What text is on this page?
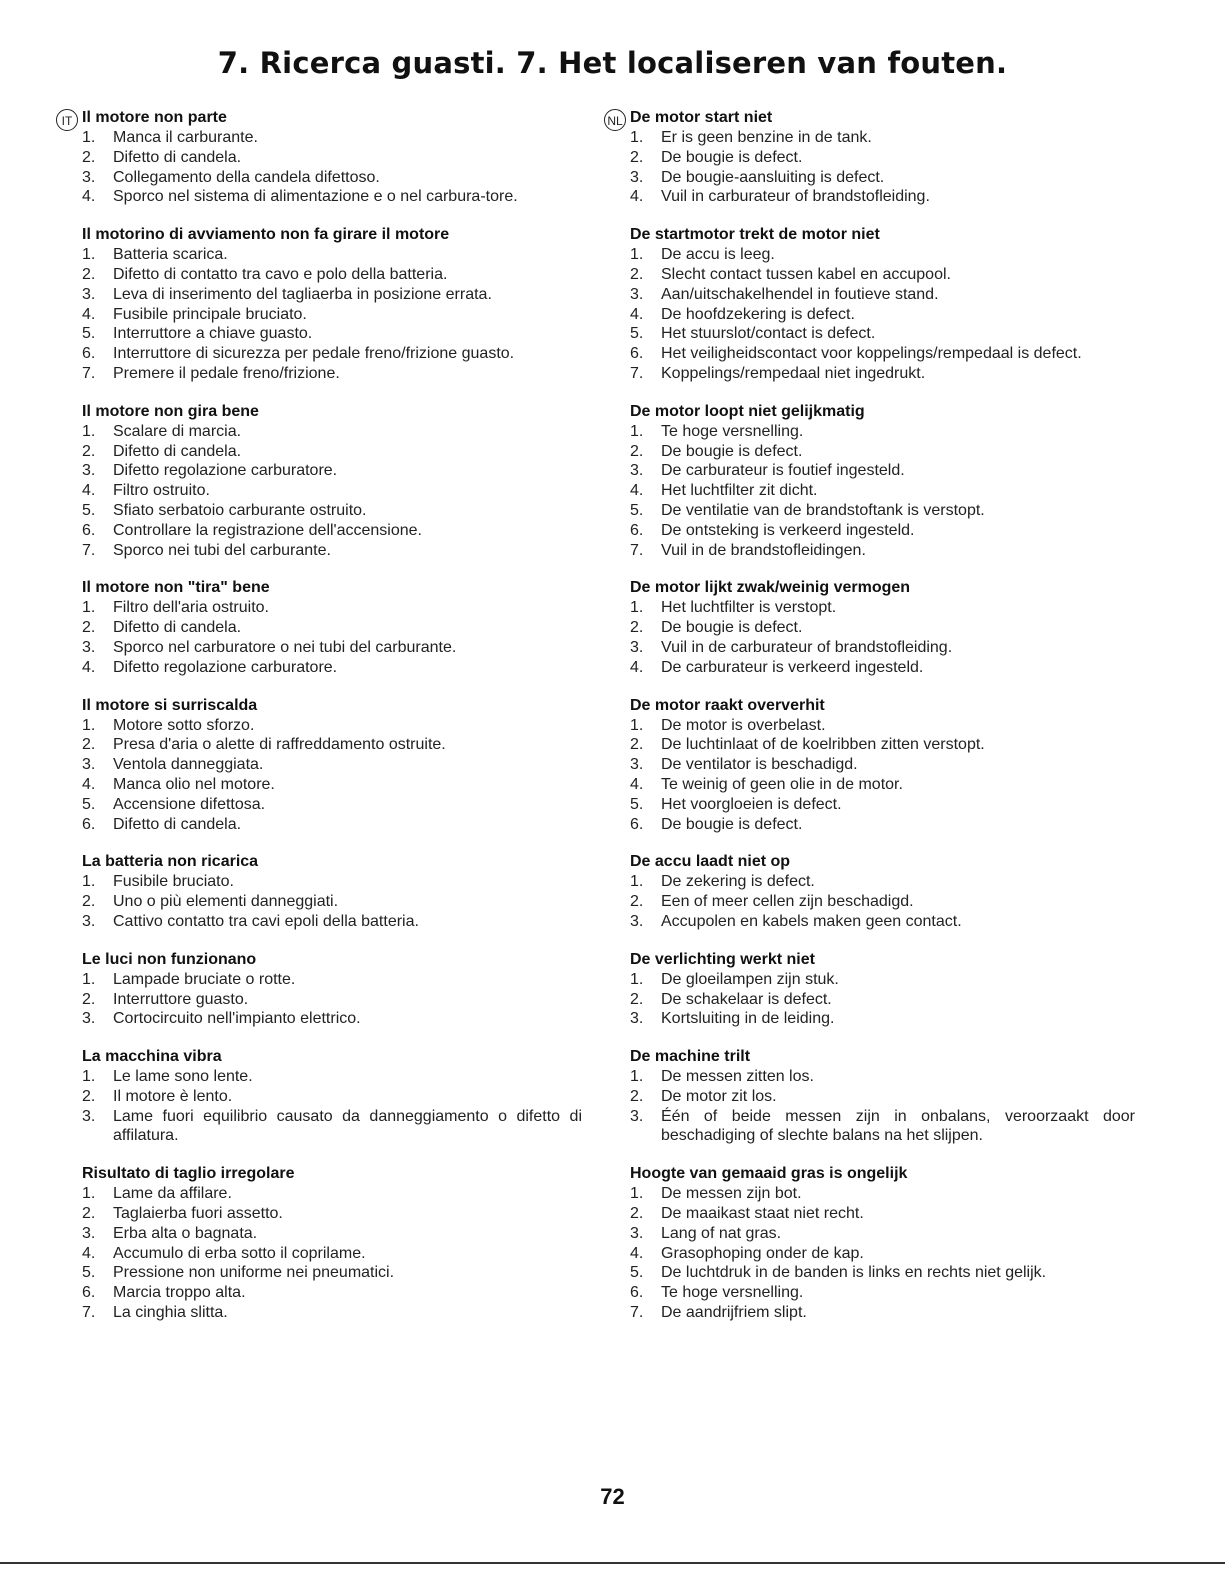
7. Ricerca guasti. 7. Het localiseren van fouten.
IT Il motore non parte
1.	Manca il carburante.
2.	Difetto di candela.
3.	Collegamento della candela difettoso.
4.	Sporco nel sistema di alimentazione e o nel carbura-tore.
Il motorino di avviamento non fa girare il motore
1.	Batteria scarica.
2.	Difetto di contatto tra cavo e polo della batteria.
3.	Leva di inserimento del tagliaerba in posizione errata.
4.	Fusibile principale bruciato.
5.	Interruttore a chiave guasto.
6.	Interruttore di sicurezza per pedale freno/frizione guasto.
7.	Premere il pedale freno/frizione.
Il motore non gira bene
1.	Scalare di marcia.
2.	Difetto di candela.
3.	Difetto regolazione carburatore.
4.	Filtro ostruito.
5.	Sfiato serbatoio carburante ostruito.
6.	Controllare la registrazione dell'accensione.
7.	Sporco nei tubi del carburante.
Il motore non "tira" bene
1.	Filtro dell'aria ostruito.
2.	Difetto di candela.
3.	Sporco nel carburatore o nei tubi del carburante.
4.	Difetto regolazione carburatore.
Il motore si surriscalda
1.	Motore sotto sforzo.
2.	Presa d'aria o alette di raffreddamento ostruite.
3.	Ventola danneggiata.
4.	Manca olio nel motore.
5.	Accensione difettosa.
6.	Difetto di candela.
La batteria non ricarica
1.	Fusibile bruciato.
2.	Uno o più elementi danneggiati.
3.	Cattivo contatto tra cavi epoli della batteria.
Le luci non funzionano
1.	Lampade bruciate o rotte.
2.	Interruttore guasto.
3.	Cortocircuito nell'impianto elettrico.
La macchina vibra
1.	Le lame sono lente.
2.	Il motore è lento.
3.	Lame fuori equilibrio causato da danneggiamento o difetto di affilatura.
Risultato di taglio irregolare
1.	Lame da affilare.
2.	Taglaierba fuori assetto.
3.	Erba alta o bagnata.
4.	Accumulo di erba sotto il coprilame.
5.	Pressione non uniforme nei pneumatici.
6.	Marcia troppo alta.
7.	La cinghia slitta.
NL De motor start niet
1.	Er is geen benzine in de tank.
2.	De bougie is defect.
3.	De bougie-aansluiting is defect.
4.	Vuil in carburateur of brandstofleiding.
De startmotor trekt de motor niet
1.	De accu is leeg.
2.	Slecht contact tussen kabel en accupool.
3.	Aan/uitschakelhendel in foutieve stand.
4.	De hoofdzekering is defect.
5.	Het stuurslot/contact is defect.
6.	Het veiligheidscontact voor koppelings/rempedaal is defect.
7.	Koppelings/rempedaal niet ingedrukt.
De motor loopt niet gelijkmatig
1.	Te hoge versnelling.
2.	De bougie is defect.
3.	De carburateur is foutief ingesteld.
4.	Het luchtfilter zit dicht.
5.	De ventilatie van de brandstoftank is verstopt.
6.	De ontsteking is verkeerd ingesteld.
7.	Vuil in de brandstofleidingen.
De motor lijkt zwak/weinig vermogen
1.	Het luchtfilter is verstopt.
2.	De bougie is defect.
3.	Vuil in de carburateur of brandstofleiding.
4.	De carburateur is verkeerd ingesteld.
De motor raakt oververhit
1.	De motor is overbelast.
2.	De luchtinlaat of de koelribben zitten verstopt.
3.	De ventilator is beschadigd.
4.	Te weinig of geen olie in de motor.
5.	Het voorgloeien is defect.
6.	De bougie is defect.
De accu laadt niet op
1.	De zekering is defect.
2.	Een of meer cellen zijn beschadigd.
3.	Accupolen en kabels maken geen contact.
De verlichting werkt niet
1.	De gloeilampen zijn stuk.
2.	De schakelaar is defect.
3.	Kortsluiting in de leiding.
De machine trilt
1.	De messen zitten los.
2.	De motor zit los.
3.	Één of beide messen zijn in onbalans, veroorzaakt door beschadiging of slechte balans na het slijpen.
Hoogte van gemaaid gras is ongelijk
1.	De messen zijn bot.
2.	De maaikast staat niet recht.
3.	Lang of nat gras.
4.	Grasophoping onder de kap.
5.	De luchtdruk in de banden is links en rechts niet gelijk.
6.	Te hoge versnelling.
7.	De aandrijfriem slipt.
72
